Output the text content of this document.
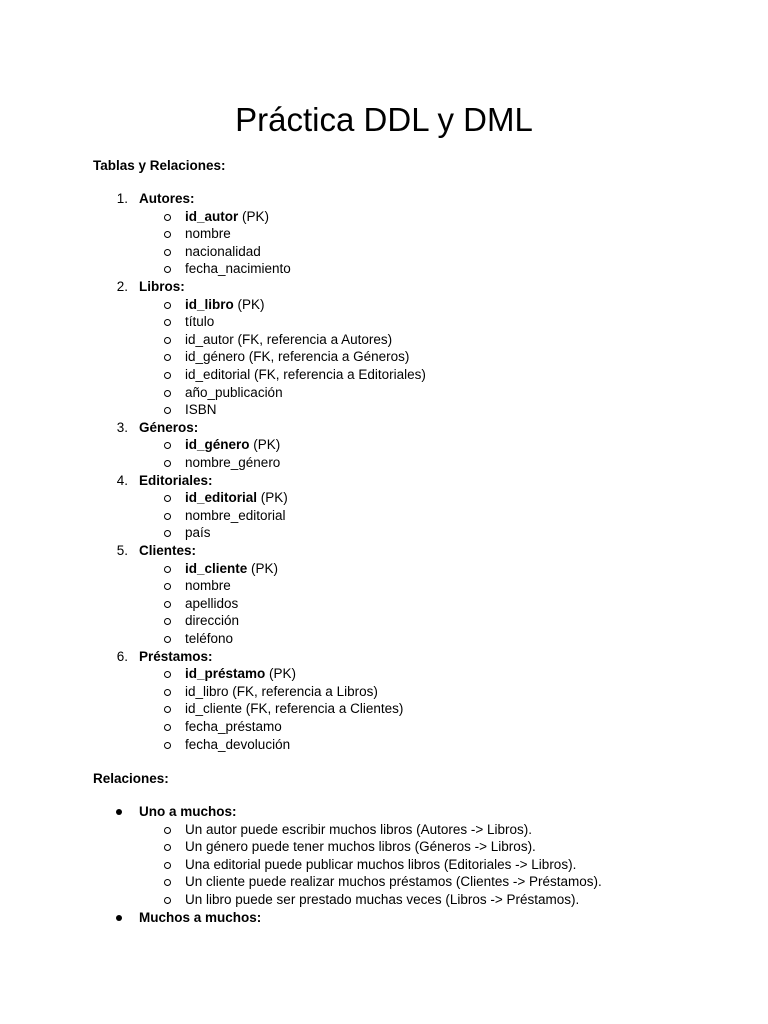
Práctica DDL y DML
Tablas y Relaciones:
1. Autores:
id_autor (PK)
nombre
nacionalidad
fecha_nacimiento
2. Libros:
id_libro (PK)
título
id_autor (FK, referencia a Autores)
id_género (FK, referencia a Géneros)
id_editorial (FK, referencia a Editoriales)
año_publicación
ISBN
3. Géneros:
id_género (PK)
nombre_género
4. Editoriales:
id_editorial (PK)
nombre_editorial
país
5. Clientes:
id_cliente (PK)
nombre
apellidos
dirección
teléfono
6. Préstamos:
id_préstamo (PK)
id_libro (FK, referencia a Libros)
id_cliente (FK, referencia a Clientes)
fecha_préstamo
fecha_devolución
Relaciones:
Uno a muchos:
Un autor puede escribir muchos libros (Autores -> Libros).
Un género puede tener muchos libros (Géneros -> Libros).
Una editorial puede publicar muchos libros (Editoriales -> Libros).
Un cliente puede realizar muchos préstamos (Clientes -> Préstamos).
Un libro puede ser prestado muchas veces (Libros -> Préstamos).
Muchos a muchos:
